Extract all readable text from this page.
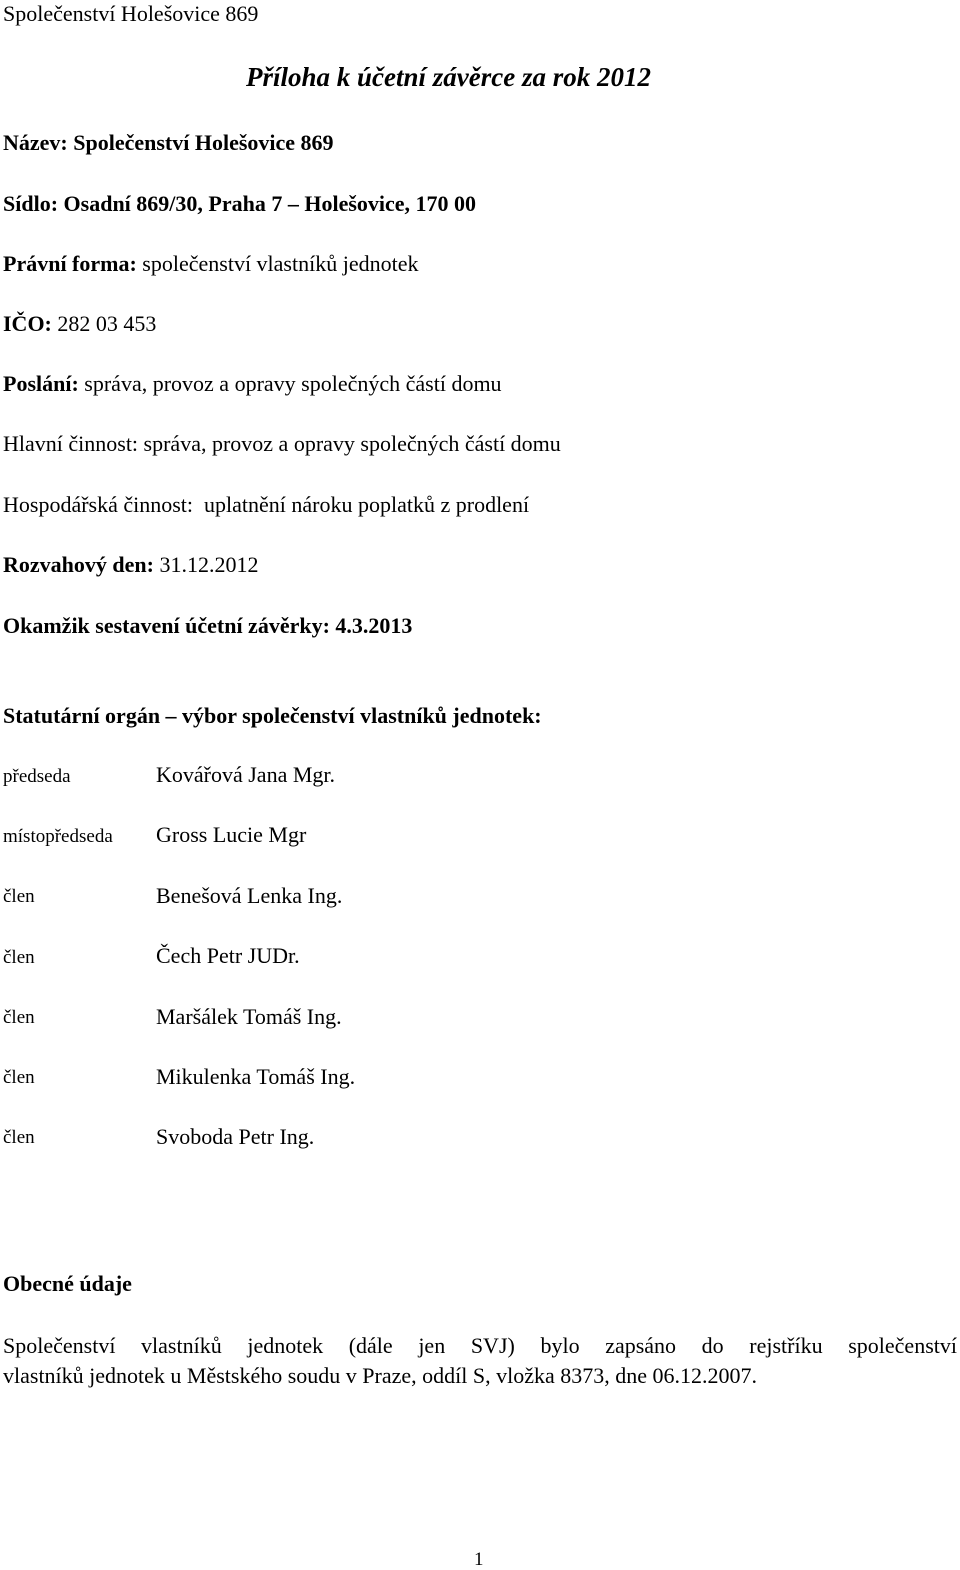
Společenství Holešovice 869
Příloha k účetní závěrce za rok 2012
Název: Společenství Holešovice 869
Sídlo: Osadní 869/30, Praha 7 – Holešovice, 170 00
Právní forma: společenství vlastníků jednotek
IČO: 282 03 453
Poslání: správa, provoz a opravy společných částí domu
Hlavní činnost: správa, provoz a opravy společných částí domu
Hospodářská činnost:  uplatnění nároku poplatků z prodlení
Rozvahový den: 31.12.2012
Okamžik sestavení účetní závěrky: 4.3.2013
Statutární orgán – výbor společenství vlastníků jednotek:
předseda	Kovářová Jana Mgr.
místopředseda Gross Lucie Mgr
člen	Benešová Lenka Ing.
člen	Čech Petr JUDr.
člen	Maršálek Tomáš Ing.
člen	Mikulenka Tomáš Ing.
člen	Svoboda Petr Ing.
Obecné údaje
Společenství vlastníků jednotek (dále jen SVJ) bylo zapsáno do rejstříku společenství
vlastníků jednotek u Městského soudu v Praze, oddíl S, vložka 8373, dne 06.12.2007.
1
